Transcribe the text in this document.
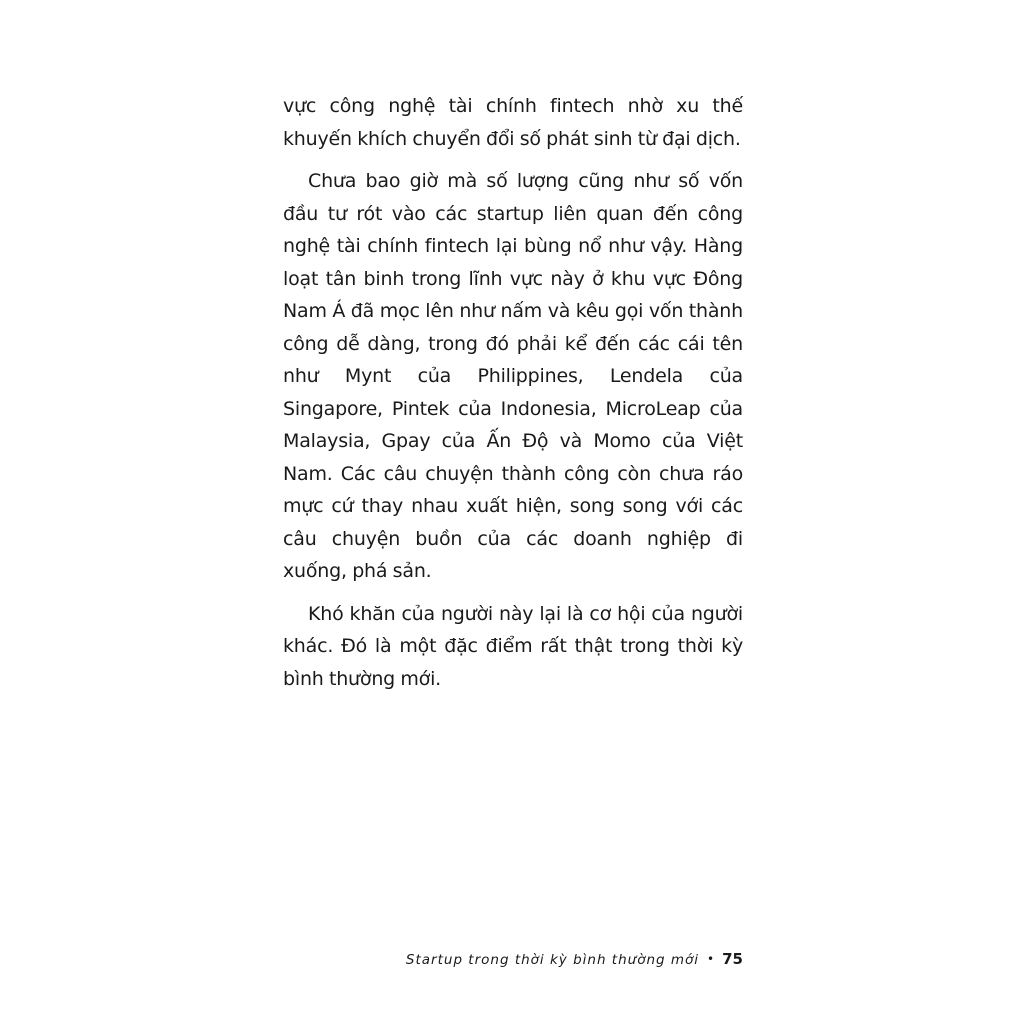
vực công nghệ tài chính fintech nhờ xu thế khuyến khích chuyển đổi số phát sinh từ đại dịch.

Chưa bao giờ mà số lượng cũng như số vốn đầu tư rót vào các startup liên quan đến công nghệ tài chính fintech lại bùng nổ như vậy. Hàng loạt tân binh trong lĩnh vực này ở khu vực Đông Nam Á đã mọc lên như nấm và kêu gọi vốn thành công dễ dàng, trong đó phải kể đến các cái tên như Mynt của Philippines, Lendela của Singapore, Pintek của Indonesia, MicroLeap của Malaysia, Gpay của Ấn Độ và Momo của Việt Nam. Các câu chuyện thành công còn chưa ráo mực cứ thay nhau xuất hiện, song song với các câu chuyện buồn của các doanh nghiệp đi xuống, phá sản.

Khó khăn của người này lại là cơ hội của người khác. Đó là một đặc điểm rất thật trong thời kỳ bình thường mới.

Startup trong thời kỳ bình thường mới • 75
